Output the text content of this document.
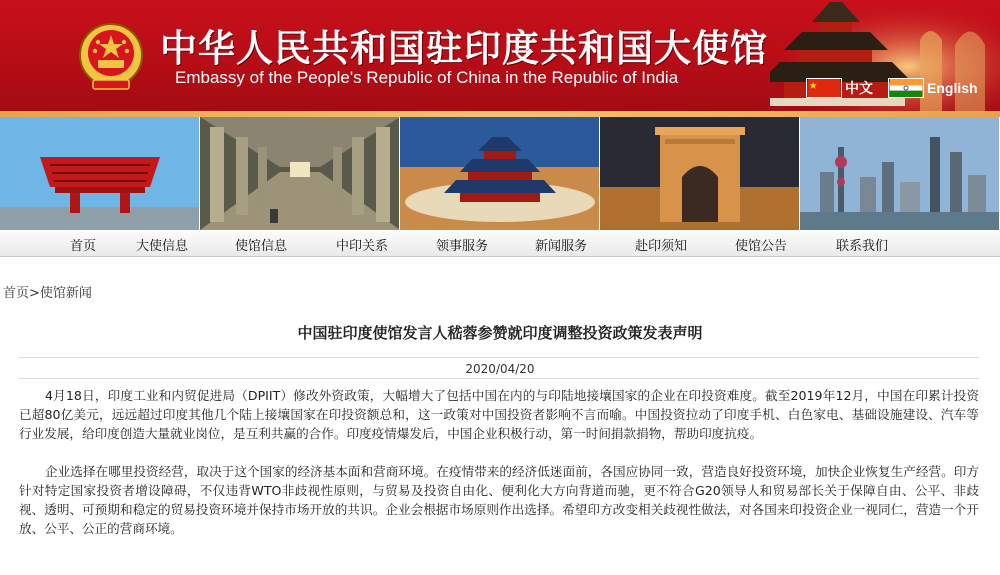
中华人民共和国驻印度共和国大使馆
Embassy of the People's Republic of China in the Republic of India
中文	English
首页	大使信息	使馆信息	中印关系	领事服务	新闻服务	赴印须知	使馆公告	联系我们
首页>使馆新闻
中国驻印度使馆发言人嵇蓉参赞就印度调整投资政策发表声明
2020/04/20

4月18日，印度工业和内贸促进局（DPIIT）修改外资政策，大幅增大了包括中国在内的与印陆地接壤国家的企业在印投资难度。截至2019年12月，中国在印累计投资已超80亿美元，远远超过印度其他几个陆上接壤国家在印投资额总和，这一政策对中国投资者影响不言而喻。中国投资拉动了印度手机、白色家电、基础设施建设、汽车等行业发展，给印度创造大量就业岗位，是互利共赢的合作。印度疫情爆发后，中国企业积极行动，第一时间捐款捐物，帮助印度抗疫。

企业选择在哪里投资经营，取决于这个国家的经济基本面和营商环境。在疫情带来的经济低迷面前，各国应协同一致，营造良好投资环境，加快企业恢复生产经营。印方针对特定国家投资者增设障碍，不仅违背WTO非歧视性原则，与贸易及投资自由化、便利化大方向背道而驰，更不符合G20领导人和贸易部长关于保障自由、公平、非歧视、透明、可预期和稳定的贸易投资环境并保持市场开放的共识。企业会根据市场原则作出选择。希望印方改变相关歧视性做法，对各国来印投资企业一视同仁，营造一个开放、公平、公正的营商环境。
